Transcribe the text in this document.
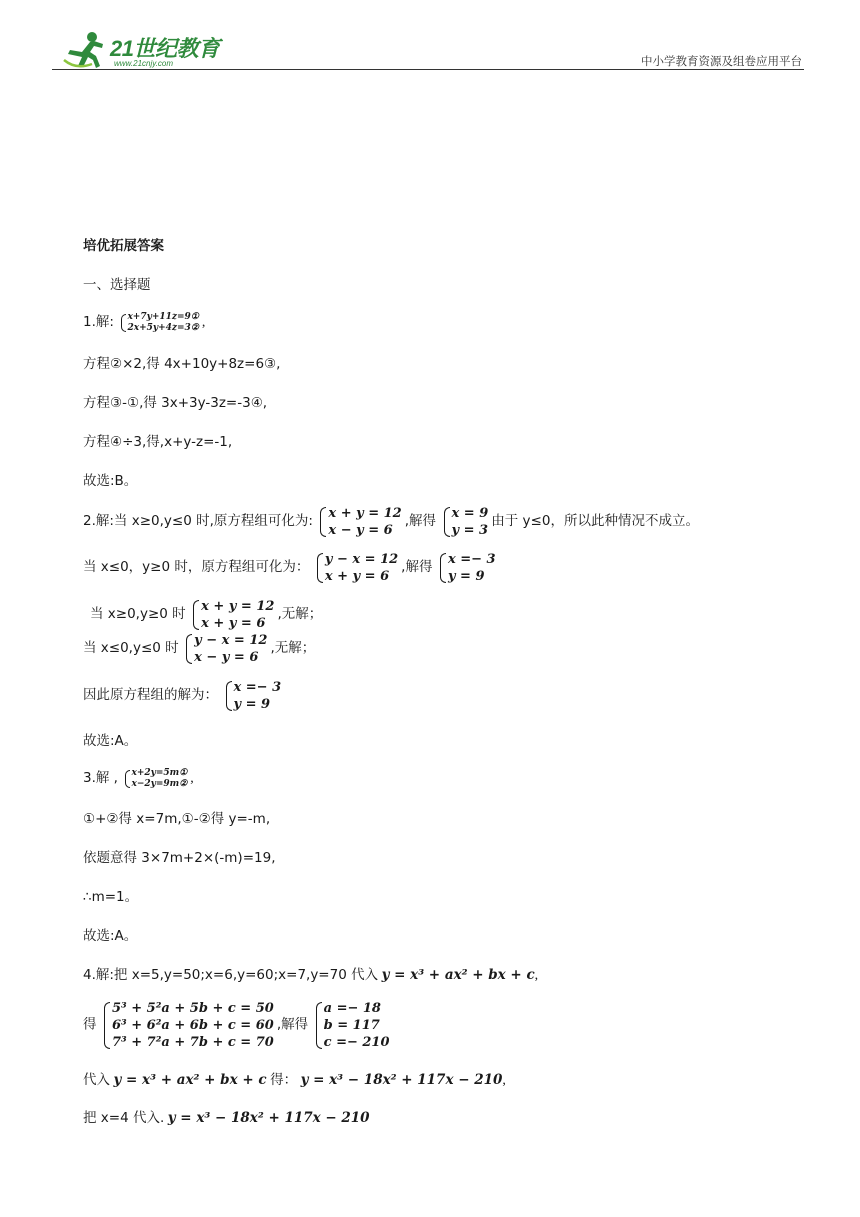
21世纪教育
www.21cnjy.com	中小学教育资源及组卷应用平台
培优拓展答案
一、选择题
1.解: x+7y+11z=9①
2x+5y+4z=3② ,
方程②×2,得 4x+10y+8z=6③,
方程③-①,得 3x+3y-3z=-3④,
方程④÷3,得,x+y-z=-1,
故选:B。
2.解:当 x≥0,y≤0 时,原方程组可化为: x + y = 12
x − y = 6
,解得 x = 9
y = 3
由于 y≤0，所以此种情况不成立。
当 x≤0，y≥0 时，原方程组可化为： y − x = 12
x + y = 6
,解得 x =− 3
y = 9
当 x≥0,y≥0 时 x + y = 12
x + y = 6
,无解；
当 x≤0,y≤0 时 y − x = 12
x − y = 6
,无解；
因此原方程组的解为： x =− 3
y = 9
故选:A。
3.解 , x+2y=5m①
x−2y=9m② ,
①+②得 x=7m,①-②得 y=-m,
依题意得 3×7m+2×(-m)=19,
∴m=1。
故选:A。
4.解:把 x=5,y=50;x=6,y=60;x=7,y=70 代入 y = x³ + ax² + bx + c,
得
5³ + 5²a + 5b + c = 50
6³ + 6²a + 6b + c = 60
7³ + 7²a + 7b + c = 70
,解得
a =− 18
b = 117
c =− 210
代入 y = x³ + ax² + bx + c 得： y = x³ − 18x² + 117x − 210,
把 x=4 代入. y = x³ − 18x² + 117x − 210
